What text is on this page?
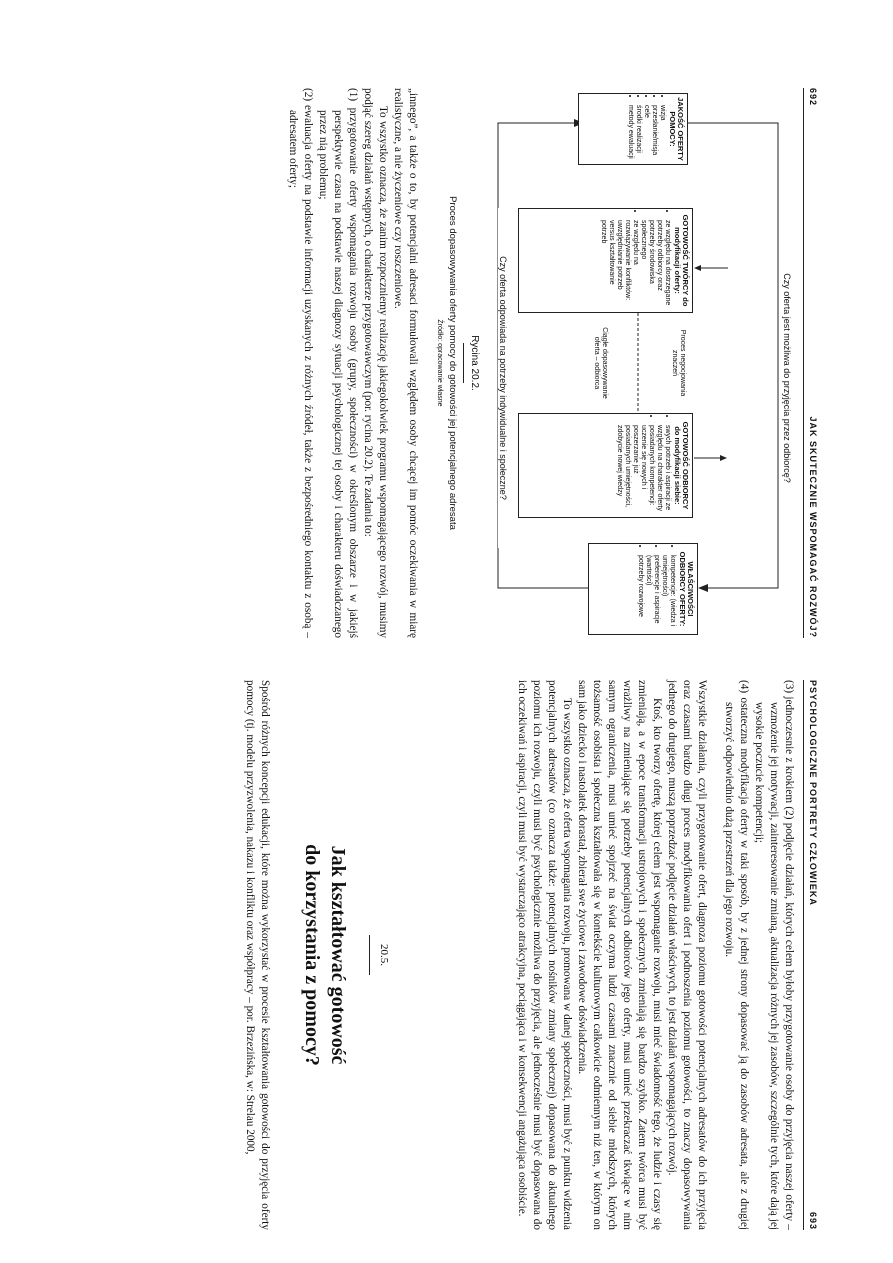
692
JAK SKUTECZNIE WSPOMAGAĆ ROZWÓJ?
Czy oferta jest możliwa do przyjęcia przez odbiorcę?
Czy oferta odpowiada na potrzeby indywidualne i społeczne?
JAKOŚĆ OFERTY POMOCY:
• wizja
• przesłanie/misja
• cele
• środki realizacji
• metody ewaluacji
GOTOWOŚĆ TWÓRCY do modyfikacji oferty:
• ze względu na dostrzegane potrzeby odbiorcy oraz potrzeby środowiska społecznego
• ze względu na rozwiązywanie konfliktów: uwzględnianie potrzeb versus kształtowanie potrzeb
Proces negocjowania znaczeń
Ciągłe dopasowywanie oferta – odbiorca
GOTOWOŚĆ ODBIORCY do modyfikacji siebie:
• swych potrzeb i aspiracji ze względu na charakter oferty
• posiadanych kompetencji: uczenie się nowych i poszerzanie już posiadanych umiejętności, zdobycie nowej wiedzy
WŁAŚCIWOŚCI ODBIORCY OFERTY:
• kompetencje: (wiedza i umiejętności)
• preferencje i aspiracje (wartości)
• potrzeby rozwojowe
Rycina 20.2.
Proces dopasowywania oferty pomocy do gotowości jej potencjalnego adresata
Źródło: opracowanie własne

„innego”, a także o to, by potencjalni adresaci formułowali względem osoby chcącej im pomóc oczekiwania w miarę realistyczne, a nie życzeniowe czy roszczeniowe.

To wszystko oznacza, że zanim rozpoczniemy realizację jakiegokolwiek programu wspomagającego rozwój, musimy podjąć szereg działań wstępnych, o charakterze przygotowawczym (por. rycina 20.2). Te zadania to:

(1) przygotowanie oferty wspomagania rozwoju osoby (grupy, społeczności) w określonym obszarze i w jakiejś perspektywie czasu na podstawie naszej diagnozy sytuacji psychologicznej tej osoby i charakteru doświadczanego przez nią problemu;

(2) ewaluacja oferty na podstawie informacji uzyskanych z różnych źródeł, także z bezpośredniego kontaktu z osobą – adresatem oferty;

PSYCHOLOGICZNE PORTRETY CZŁOWIEKA
693

(3) jednoczesnie z krokiem (2) podjęcie działań, których celem byłoby przygotowanie osoby do przyjęcia naszej oferty – wzmożenie jej motywacji, zainteresowanie zmianą, aktualizacja różnych jej zasobów, szczególnie tych, które dają jej wysokie poczucie kompetencji;

(4) ostateczna modyfikacja oferty w taki sposób, by z jednej strony dopasować ją do zasobów adresata, ale z drugiej stworzyć odpowiednio dużą przestrzeń dla jego rozwoju.

Wszystkie działania, czyli przygotowanie ofert, diagnoza poziomu gotowości potencjalnych adresatów do ich przyjęcia oraz czasami bardzo długi proces modyfikowania ofert i podnoszenia poziomu gotowości, to znaczy dopasowywania jednego do drugiego, muszą poprzedzać podjęcie działań właściwych, to jest działań wspomagających rozwój.

Ktoś, kto tworzy ofertę, której celem jest wspomaganie rozwoju, musi mieć świadomość tego, że ludzie i czasy się zmieniają, a w epoce transformacji ustrojowych i społecznych zmieniają się bardzo szybko. Zatem twórca musi być wrażliwy na zmieniające się potrzeby potencjalnych odbiorców jego oferty, musi umieć przekraczać tkwiące w nim samym ograniczenia, musi umieć spojrzeć na świat oczyma ludzi czasami znacznie od siebie młodszych, których tożsamość osobista i społeczna kształtowała się w kontekście kulturowym całkowicie odmiennym niż ten, w którym on sam jako dziecko i nastolatek dorastał, zbierał swe życiowe i zawodowe doświadczenia.

To wszystko oznacza, że oferta wspomagania rozwoju, promowana w danej społeczności, musi być z punktu widzenia potencjalnych adresatów (co oznacza także: potencjalnych nośników zmiany społecznej) dopasowana do aktualnego poziomu ich rozwoju, czyli musi być psychologicznie możliwa do przyjęcia, ale jednocześnie musi być dopasowana do ich oczekiwań i aspiracji, czyli musi być wystarczająco atrakcyjna, pociągająca i w konsekwencji angażująca osobiście.

20.5.
Jak kształtować gotowość
do korzystania z pomocy?

Spośród różnych koncepcji edukacji, które można wykorzystać w procesie kształtowania gotowości do przyjęcia oferty pomocy (tj. modelu przyzwolenia, nakazu i konfliktu oraz współpracy – por. Brzezińska, w: Strelau 2000,
